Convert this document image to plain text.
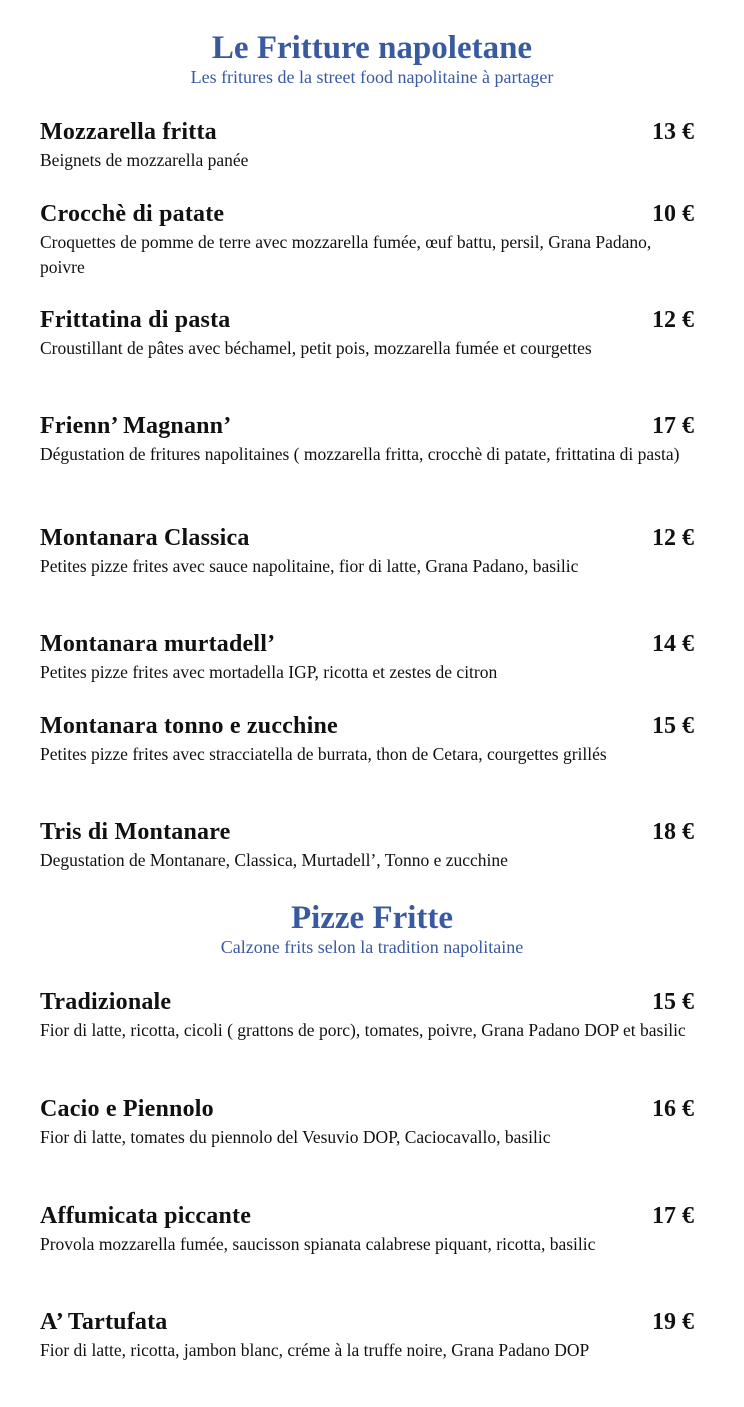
Le Fritture napoletane

Les fritures de la street food napolitaine à partager

Mozzarella fritta	13 €
Beignets de mozzarella panée
Crocchè di patate	10 €
Croquettes de pomme de terre avec mozzarella fumée, œuf battu, persil, Grana Padano, poivre
Frittatina di pasta	12 €
Croustillant de pâtes avec béchamel, petit pois, mozzarella fumée et courgettes
Frienn’ Magnann’	17 €
Dégustation de fritures napolitaines ( mozzarella fritta, crocchè di patate, frittatina di pasta)
Montanara Classica	12 €
Petites pizze frites avec sauce napolitaine, fior di latte, Grana Padano, basilic
Montanara murtadell’	14 €
Petites pizze frites avec mortadella IGP, ricotta et zestes de citron
Montanara tonno e zucchine	15 €
Petites pizze frites avec stracciatella de burrata, thon de Cetara, courgettes grillés
Tris di Montanare	18 €
Degustation de Montanare, Classica, Murtadell’, Tonno e zucchine
Pizze Fritte

Calzone frits selon la tradition napolitaine

Tradizionale	15 €
Fior di latte, ricotta, cicoli ( grattons de porc), tomates, poivre, Grana Padano DOP et basilic
Cacio e Piennolo	16 €
Fior di latte, tomates du piennolo del Vesuvio DOP, Caciocavallo, basilic
Affumicata piccante	17 €
Provola mozzarella fumée, saucisson spianata calabrese piquant, ricotta, basilic
A’ Tartufata	19 €
Fior di latte, ricotta, jambon blanc, créme à la truffe noire, Grana Padano DOP
